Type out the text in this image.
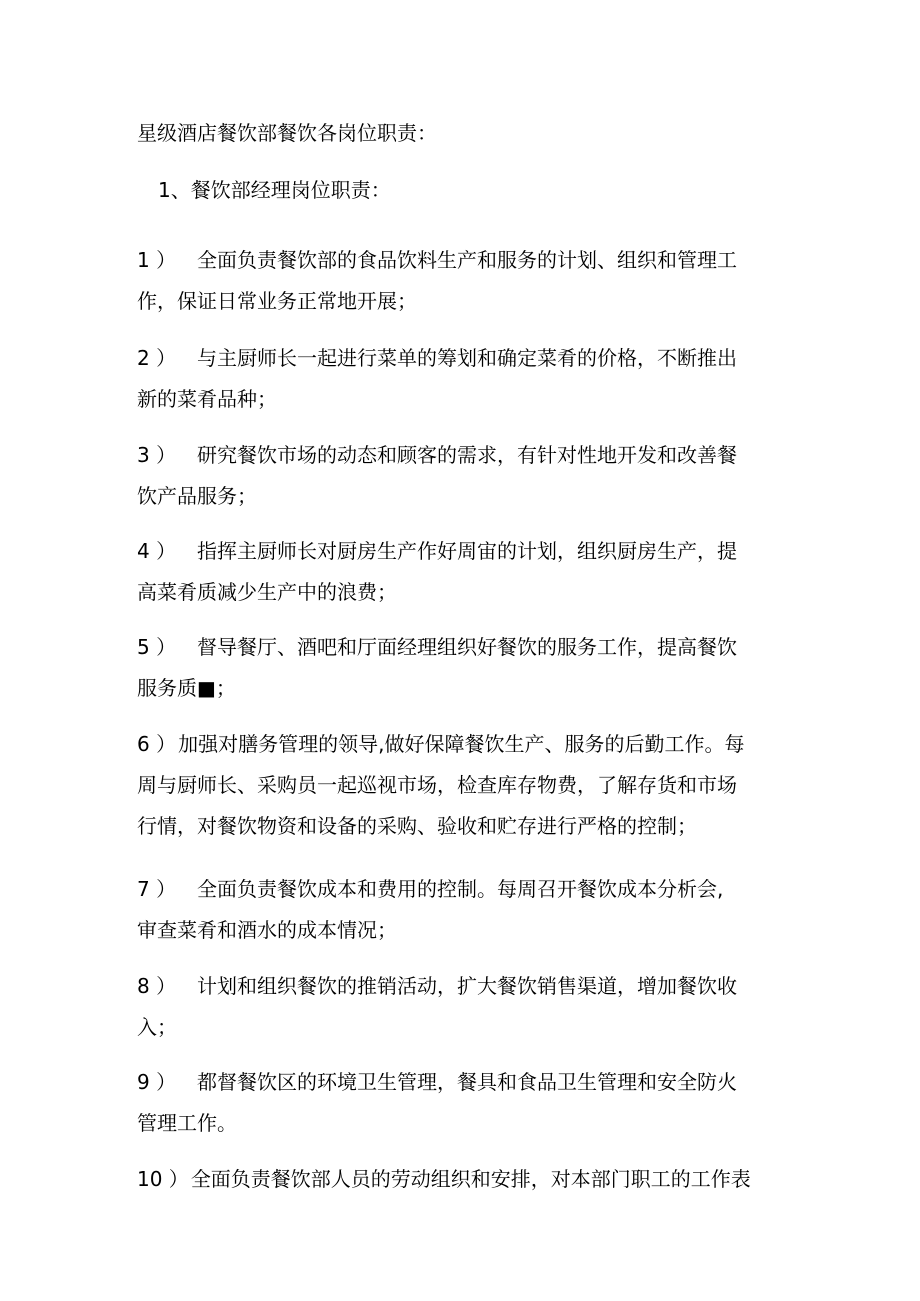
星级酒店餐饮部餐饮各岗位职责：
1、餐饮部经理岗位职责：
1 ） 全面负责餐饮部的食品饮料生产和服务的计划、组织和管理工
作，保证日常业务正常地开展；
2 ） 与主厨师长一起进行菜单的筹划和确定菜肴的价格，不断推出
新的菜肴品种；
3 ） 研究餐饮市场的动态和顾客的需求，有针对性地开发和改善餐
饮产品服务；
4 ） 指挥主厨师长对厨房生产作好周宙的计划，组织厨房生产，提
高菜肴质减少生产中的浪费；
5 ） 督导餐厅、酒吧和厅面经理组织好餐饮的服务工作，提高餐饮
服务质■；
6 ） 加强对膳务管理的领导,做好保障餐饮生产、服务的后勤工作。每
周与厨师长、采购员一起巡视市场，检查库存物费，了解存货和市场
行情，对餐饮物资和设备的采购、验收和贮存进行严格的控制；
7 ） 全面负责餐饮成本和费用的控制。每周召开餐饮成本分析会,
审查菜肴和酒水的成本情况；
8 ） 计划和组织餐饮的推销活动，扩大餐饮销售渠道，增加餐饮收
入；
9 ） 都督餐饮区的环境卫生管理，餐具和食品卫生管理和安全防火
管理工作。
10 ） 全面负责餐饮部人员的劳动组织和安排，对本部门职工的工作表
